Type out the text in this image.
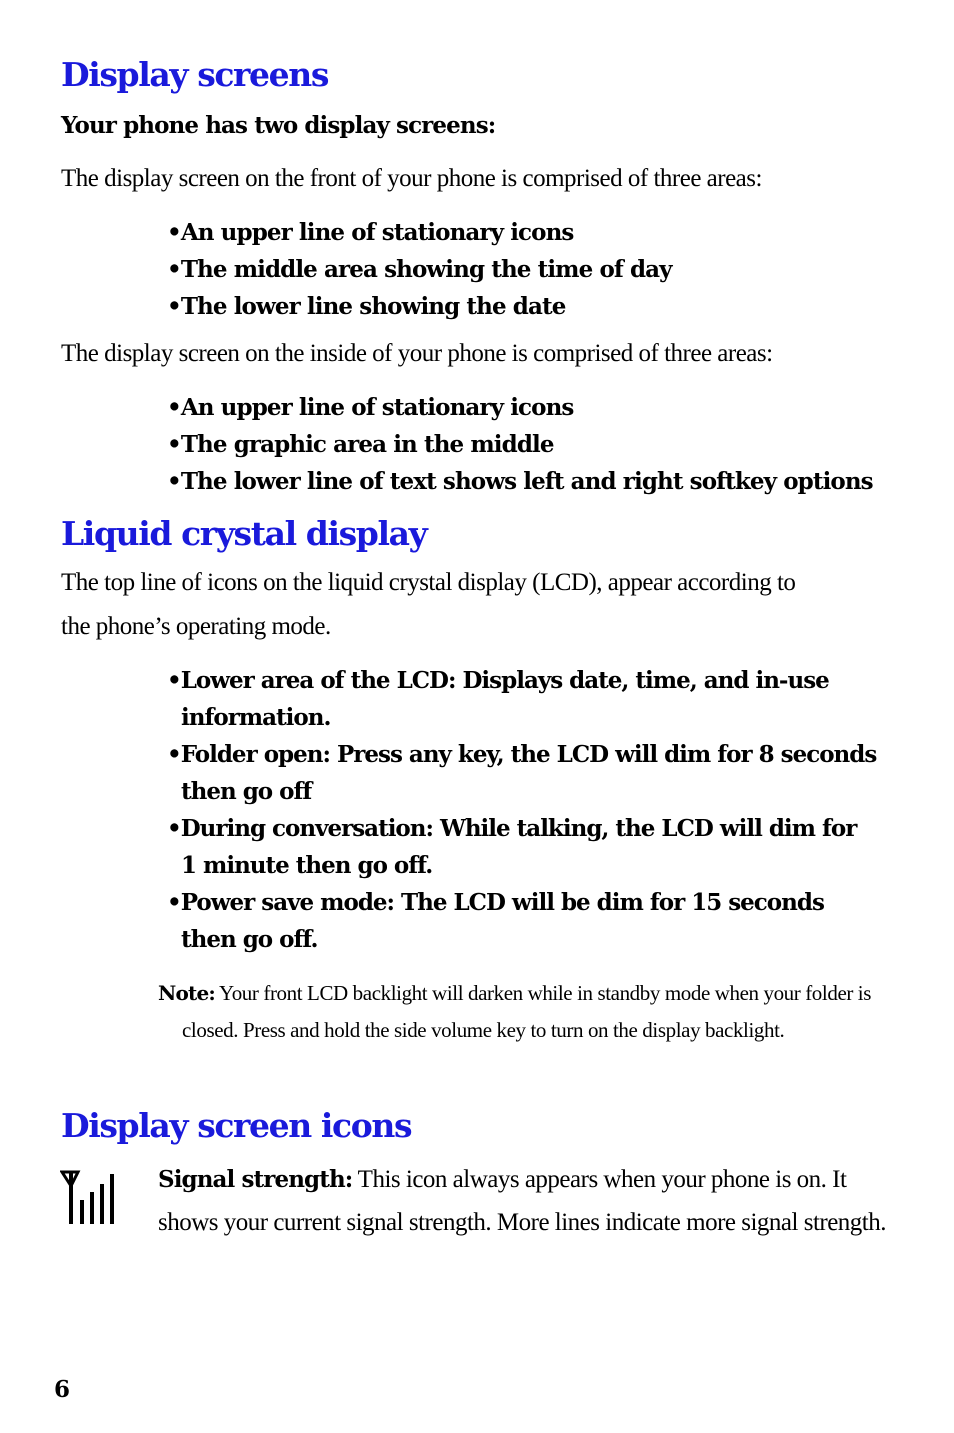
Display screens

Your phone has two display screens:

The display screen on the front of your phone is comprised of three areas:

• An upper line of stationary icons
• The middle area showing the time of day
• The lower line showing the date

The display screen on the inside of your phone is comprised of three areas:

• An upper line of stationary icons
• The graphic area in the middle
• The lower line of text shows left and right softkey options
Liquid crystal display

The top line of icons on the liquid crystal display (LCD), appear according to

the phone’s operating mode.

• Lower area of the LCD: Displays date, time, and in-use information.
• Folder open: Press any key, the LCD will dim for 8 seconds then go off
• During conversation: While talking, the LCD will dim for 1 minute then go off.
• Power save mode: The LCD will be dim for 15 seconds then go off.

Note: Your front LCD backlight will darken while in standby mode when your folder is closed. Press and hold the side volume key to turn on the display backlight.

Display screen icons

Signal strength: This icon always appears when your phone is on. It shows your current signal strength. More lines indicate more signal strength.

6
